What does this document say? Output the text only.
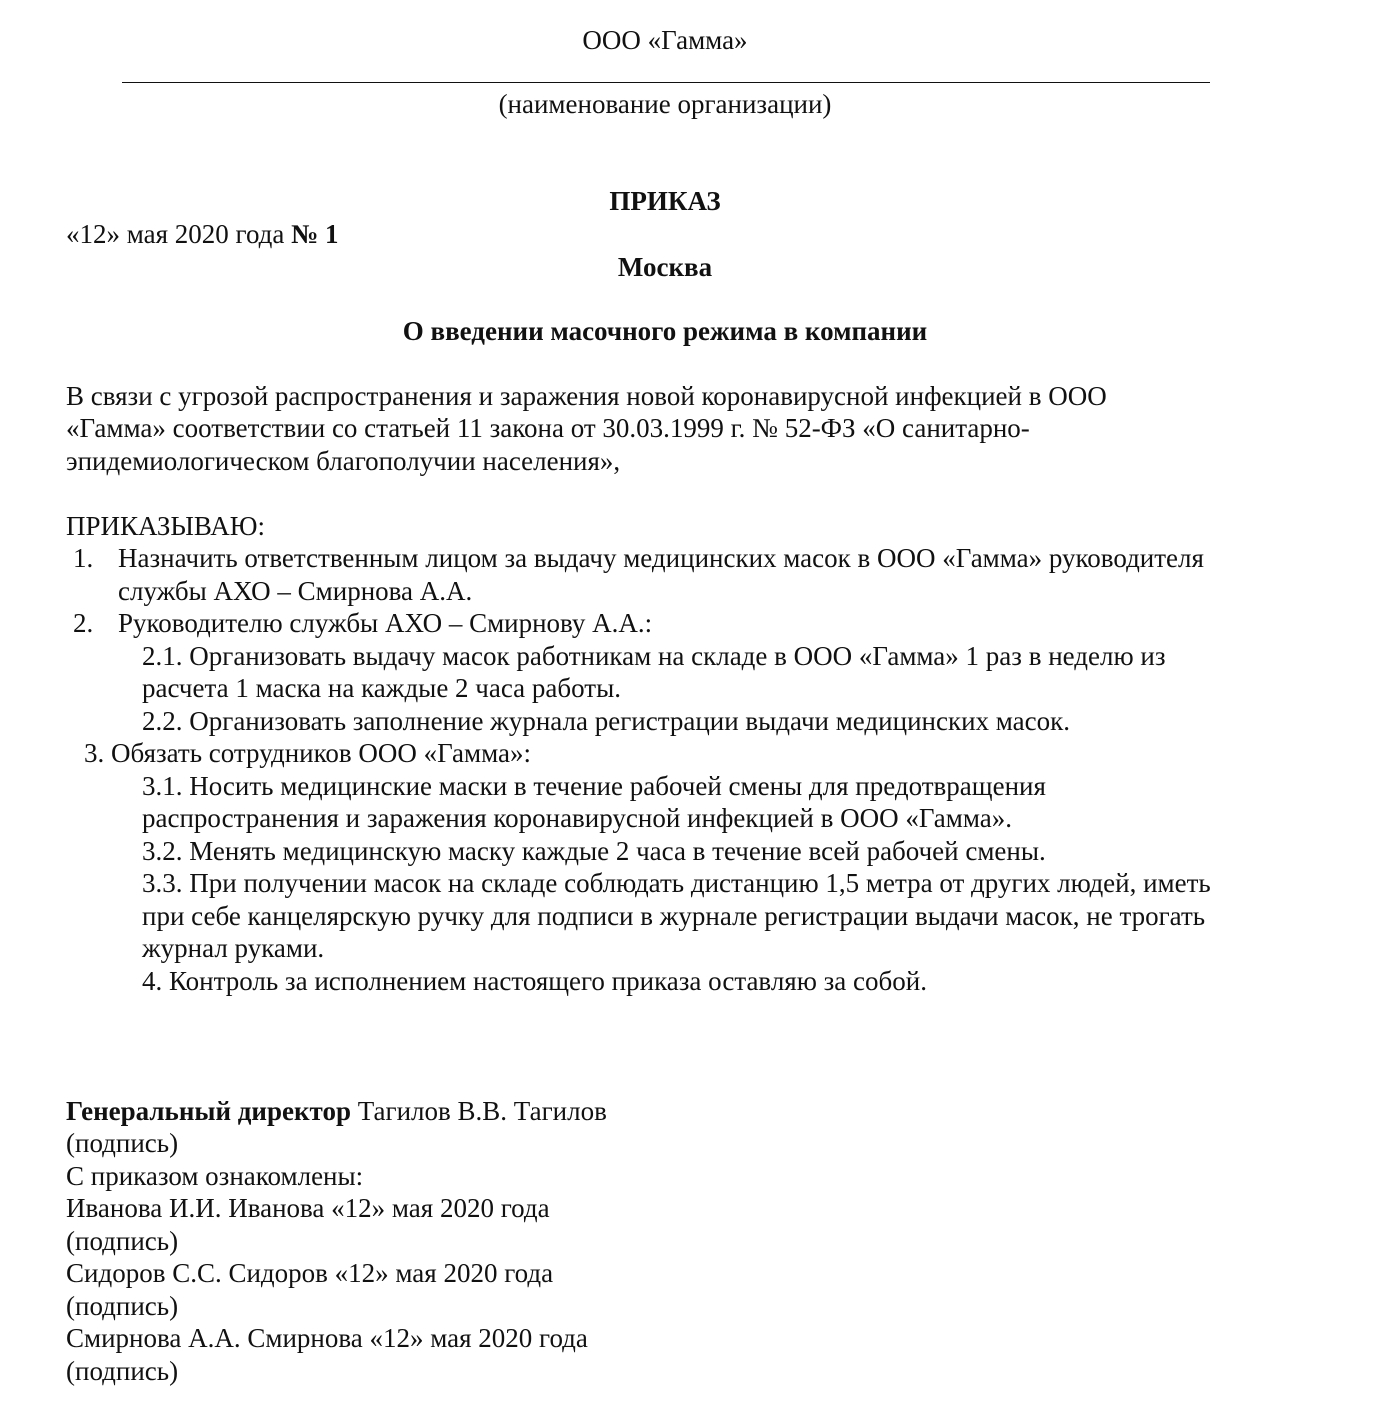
ООО «Гамма»
(наименование организации)
ПРИКАЗ
«12» мая 2020 года № 1
Москва
О введении масочного режима в компании
В связи с угрозой распространения и заражения новой коронавирусной инфекцией в ООО
«Гамма» соответствии со статьей 11 закона от 30.03.1999 г. № 52-ФЗ «О санитарно-
эпидемиологическом благополучии населения»,
ПРИКАЗЫВАЮ:
1. Назначить ответственным лицом за выдачу медицинских масок в ООО «Гамма» руководителя
службы АХО – Смирнова А.А.
2. Руководителю службы АХО – Смирнову А.А.:
2.1. Организовать выдачу масок работникам на складе в ООО «Гамма» 1 раз в неделю из
расчета 1 маска на каждые 2 часа работы.
2.2. Организовать заполнение журнала регистрации выдачи медицинских масок.
3. Обязать сотрудников ООО «Гамма»:
3.1. Носить медицинские маски в течение рабочей смены для предотвращения
распространения и заражения коронавирусной инфекцией в ООО «Гамма».
3.2. Менять медицинскую маску каждые 2 часа в течение всей рабочей смены.
3.3. При получении масок на складе соблюдать дистанцию 1,5 метра от других людей, иметь
при себе канцелярскую ручку для подписи в журнале регистрации выдачи масок, не трогать
журнал руками.
4. Контроль за исполнением настоящего приказа оставляю за собой.
Генеральный директор Тагилов В.В. Тагилов
(подпись)
С приказом ознакомлены:
Иванова И.И. Иванова «12» мая 2020 года
(подпись)
Сидоров С.С. Сидоров «12» мая 2020 года
(подпись)
Смирнова А.А. Смирнова «12» мая 2020 года
(подпись)
